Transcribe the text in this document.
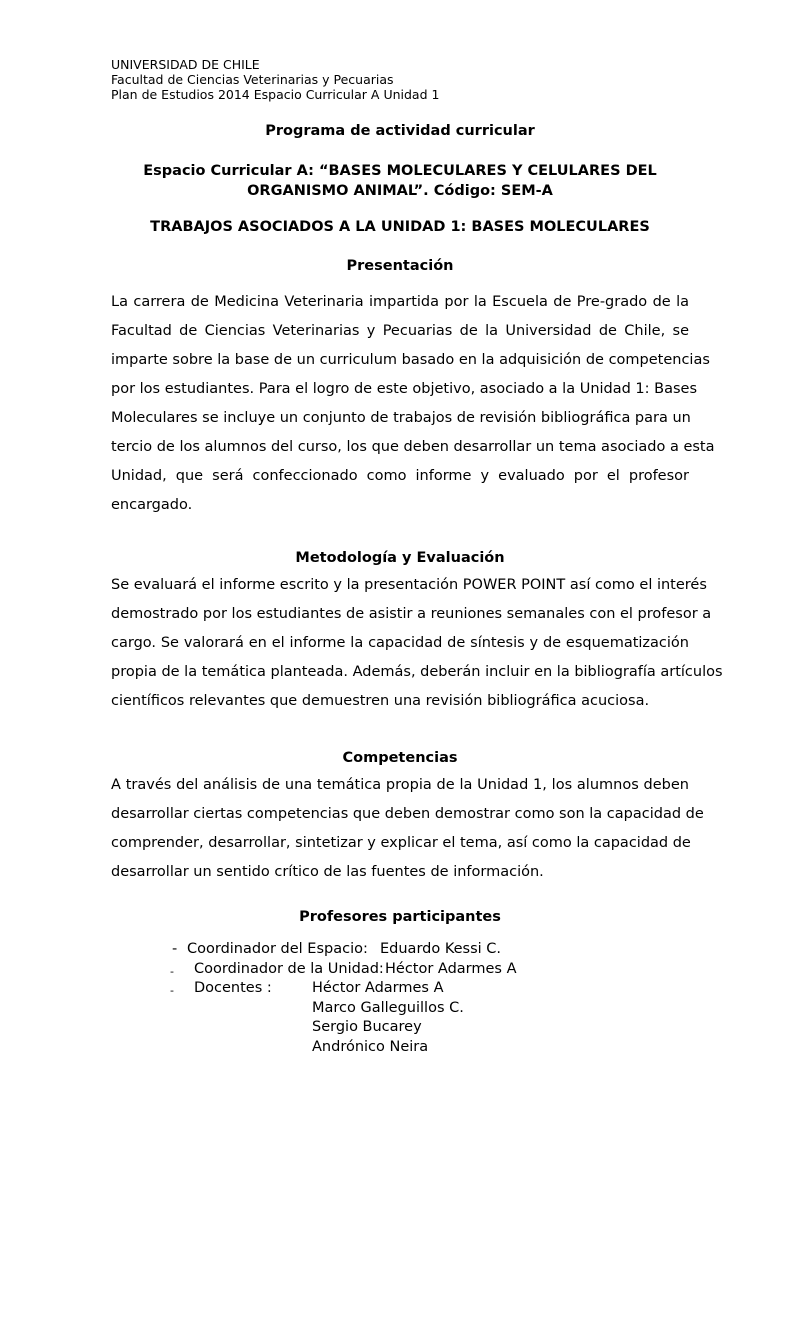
UNIVERSIDAD DE CHILE
Facultad de Ciencias Veterinarias y Pecuarias
Plan de Estudios 2014 Espacio Curricular A Unidad 1
Programa de actividad curricular
Espacio Curricular A: “BASES MOLECULARES Y CELULARES DEL
ORGANISMO ANIMAL”. Código: SEM-A
TRABAJOS ASOCIADOS A LA UNIDAD 1: BASES MOLECULARES
Presentación
La carrera de Medicina Veterinaria impartida por la Escuela de Pre-grado de la
Facultad de Ciencias Veterinarias y Pecuarias de la Universidad de Chile, se
imparte sobre la base de un curriculum basado en la adquisición de competencias
por los estudiantes. Para el logro de este objetivo, asociado a la Unidad 1: Bases
Moleculares se incluye un conjunto de trabajos de revisión bibliográfica para un
tercio de los alumnos del curso, los que deben desarrollar un tema asociado a esta
Unidad, que será confeccionado como informe y evaluado por el profesor
encargado.
Metodología y Evaluación
Se evaluará el informe escrito y la presentación POWER POINT así como el interés
demostrado por los estudiantes de asistir a reuniones semanales con el profesor a
cargo. Se valorará en el informe la capacidad de síntesis y de esquematización
propia de la temática planteada. Además, deberán incluir en la bibliografía artículos
científicos relevantes que demuestren una revisión bibliográfica acuciosa.
Competencias
A través del análisis de una temática propia de la Unidad 1, los alumnos deben
desarrollar ciertas competencias que deben demostrar como son la capacidad de
comprender, desarrollar, sintetizar y explicar el tema, así como la capacidad de
desarrollar un sentido crítico de las fuentes de información.
Profesores participantes
- Coordinador del Espacio: Eduardo Kessi C.
- Coordinador de la Unidad: Héctor Adarmes A
- Docentes :	Héctor Adarmes A
Marco Galleguillos C.
Sergio Bucarey
Andrónico Neira
